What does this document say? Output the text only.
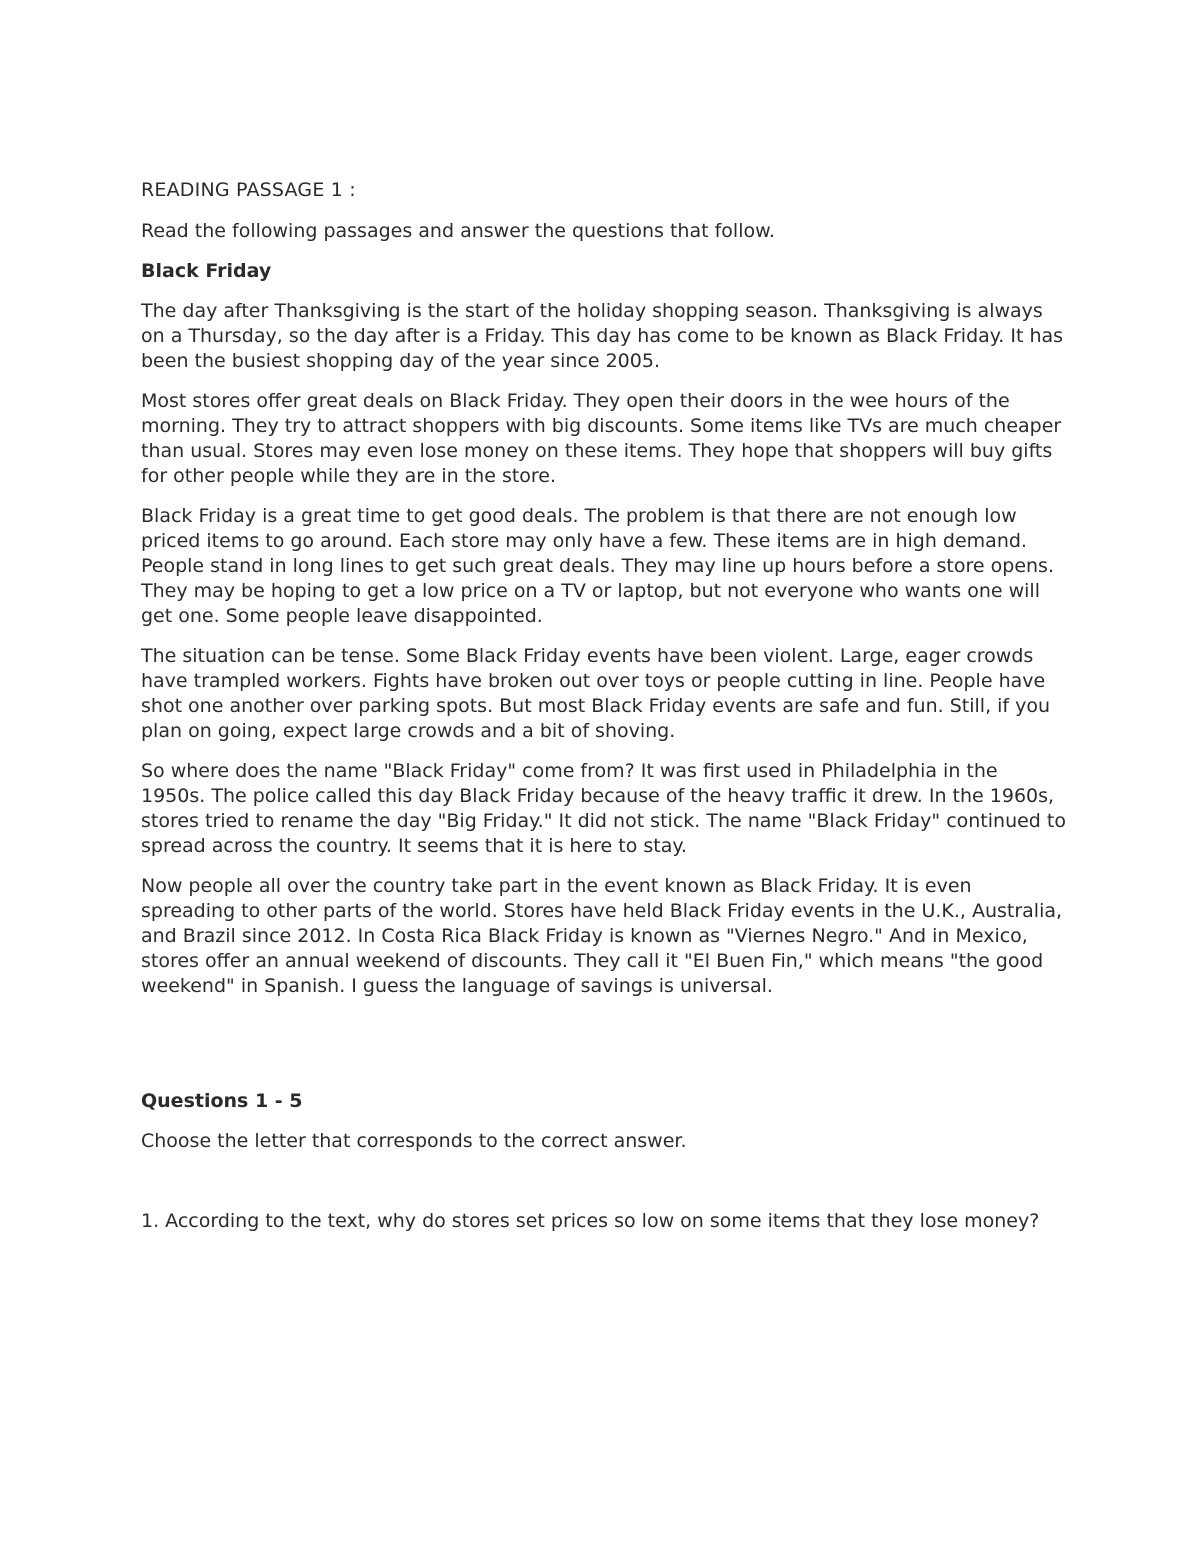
READING PASSAGE 1 :

Read the following passages and answer the questions that follow.

Black Friday

The day after Thanksgiving is the start of the holiday shopping season. Thanksgiving is always on a Thursday, so the day after is a Friday. This day has come to be known as Black Friday. It has been the busiest shopping day of the year since 2005.

Most stores offer great deals on Black Friday. They open their doors in the wee hours of the morning. They try to attract shoppers with big discounts. Some items like TVs are much cheaper than usual. Stores may even lose money on these items. They hope that shoppers will buy gifts for other people while they are in the store.

Black Friday is a great time to get good deals. The problem is that there are not enough low priced items to go around. Each store may only have a few. These items are in high demand. People stand in long lines to get such great deals. They may line up hours before a store opens. They may be hoping to get a low price on a TV or laptop, but not everyone who wants one will get one. Some people leave disappointed.

The situation can be tense. Some Black Friday events have been violent. Large, eager crowds have trampled workers. Fights have broken out over toys or people cutting in line. People have shot one another over parking spots. But most Black Friday events are safe and fun. Still, if you plan on going, expect large crowds and a bit of shoving.

So where does the name "Black Friday" come from? It was first used in Philadelphia in the 1950s. The police called this day Black Friday because of the heavy traffic it drew. In the 1960s, stores tried to rename the day "Big Friday." It did not stick. The name "Black Friday" continued to spread across the country. It seems that it is here to stay.

Now people all over the country take part in the event known as Black Friday. It is even spreading to other parts of the world. Stores have held Black Friday events in the U.K., Australia, and Brazil since 2012. In Costa Rica Black Friday is known as "Viernes Negro." And in Mexico, stores offer an annual weekend of discounts. They call it "El Buen Fin," which means "the good weekend" in Spanish. I guess the language of savings is universal.

Questions 1 - 5

Choose the letter that corresponds to the correct answer.

1. According to the text, why do stores set prices so low on some items that they lose money?
